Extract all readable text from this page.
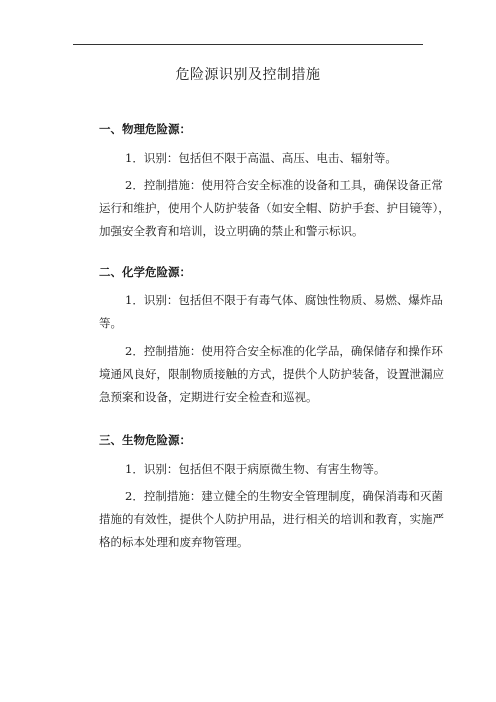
危险源识别及控制措施
一、物理危险源：

1．识别：包括但不限于高温、高压、电击、辐射等。

2．控制措施：使用符合安全标准的设备和工具，确保设备正常
运行和维护，使用个人防护装备（如安全帽、防护手套、护目镜等），
加强安全教育和培训，设立明确的禁止和警示标识。

二、化学危险源：

1．识别：包括但不限于有毒气体、腐蚀性物质、易燃、爆炸品
等。

2．控制措施：使用符合安全标准的化学品，确保储存和操作环
境通风良好，限制物质接触的方式，提供个人防护装备，设置泄漏应
急预案和设备，定期进行安全检查和巡视。

三、生物危险源：

1．识别：包括但不限于病原微生物、有害生物等。

2．控制措施：建立健全的生物安全管理制度，确保消毒和灭菌
措施的有效性，提供个人防护用品，进行相关的培训和教育，实施严
格的标本处理和废弃物管理。
